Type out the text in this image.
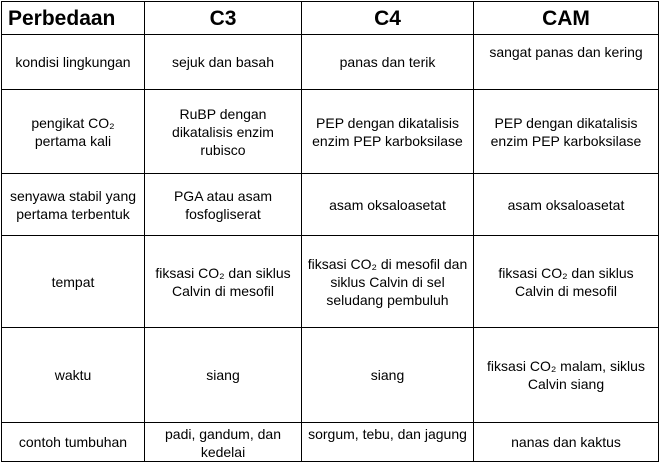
Perbedaan	C3	C4	CAM
kondisi lingkungan	sejuk dan basah	panas dan terik	sangat panas dan kering
pengikat CO₂ pertama kali	RuBP dengan dikatalisis enzim rubisco	PEP dengan dikatalisis enzim PEP karboksilase	PEP dengan dikatalisis enzim PEP karboksilase
senyawa stabil yang pertama terbentuk	PGA atau asam fosfogliserat	asam oksaloasetat	asam oksaloasetat
tempat	fiksasi CO₂ dan siklus Calvin di mesofil	fiksasi CO₂ di mesofil dan siklus Calvin di sel seludang pembuluh	fiksasi CO₂ dan siklus Calvin di mesofil
waktu	siang	siang	fiksasi CO₂ malam, siklus Calvin siang
contoh tumbuhan	padi, gandum, dan kedelai	sorgum, tebu, dan jagung	nanas dan kaktus
